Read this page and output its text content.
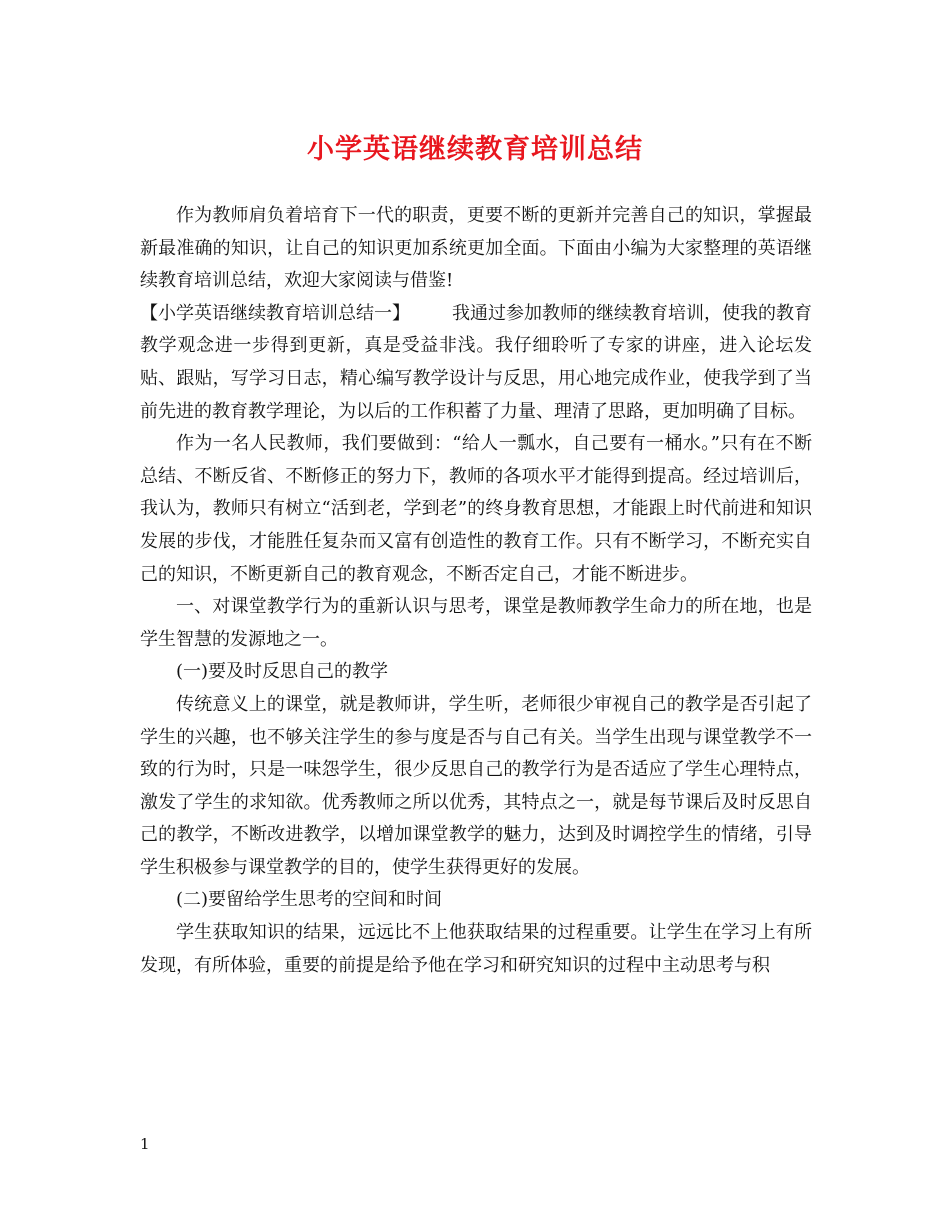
小学英语继续教育培训总结

作为教师肩负着培育下一代的职责，更要不断的更新并完善自己的知识，掌握最新最准确的知识，让自己的知识更加系统更加全面。下面由小编为大家整理的英语继续教育培训总结，欢迎大家阅读与借鉴!

【小学英语继续教育培训总结一】 我通过参加教师的继续教育培训，使我的教育教学观念进一步得到更新，真是受益非浅。我仔细聆听了专家的讲座，进入论坛发贴、跟贴，写学习日志，精心编写教学设计与反思，用心地完成作业，使我学到了当前先进的教育教学理论，为以后的工作积蓄了力量、理清了思路，更加明确了目标。

作为一名人民教师，我们要做到：“给人一瓢水，自己要有一桶水。”只有在不断总结、不断反省、不断修正的努力下，教师的各项水平才能得到提高。经过培训后，我认为，教师只有树立“活到老，学到老”的终身教育思想，才能跟上时代前进和知识发展的步伐，才能胜任复杂而又富有创造性的教育工作。只有不断学习，不断充实自己的知识，不断更新自己的教育观念，不断否定自己，才能不断进步。

一、对课堂教学行为的重新认识与思考，课堂是教师教学生命力的所在地，也是学生智慧的发源地之一。

(一)要及时反思自己的教学

传统意义上的课堂，就是教师讲，学生听，老师很少审视自己的教学是否引起了学生的兴趣，也不够关注学生的参与度是否与自己有关。当学生出现与课堂教学不一致的行为时，只是一味怨学生，很少反思自己的教学行为是否适应了学生心理特点，激发了学生的求知欲。优秀教师之所以优秀，其特点之一，就是每节课后及时反思自己的教学，不断改进教学，以增加课堂教学的魅力，达到及时调控学生的情绪，引导学生积极参与课堂教学的目的，使学生获得更好的发展。

(二)要留给学生思考的空间和时间

学生获取知识的结果，远远比不上他获取结果的过程重要。让学生在学习上有所发现，有所体验，重要的前提是给予他在学习和研究知识的过程中主动思考与积

1
